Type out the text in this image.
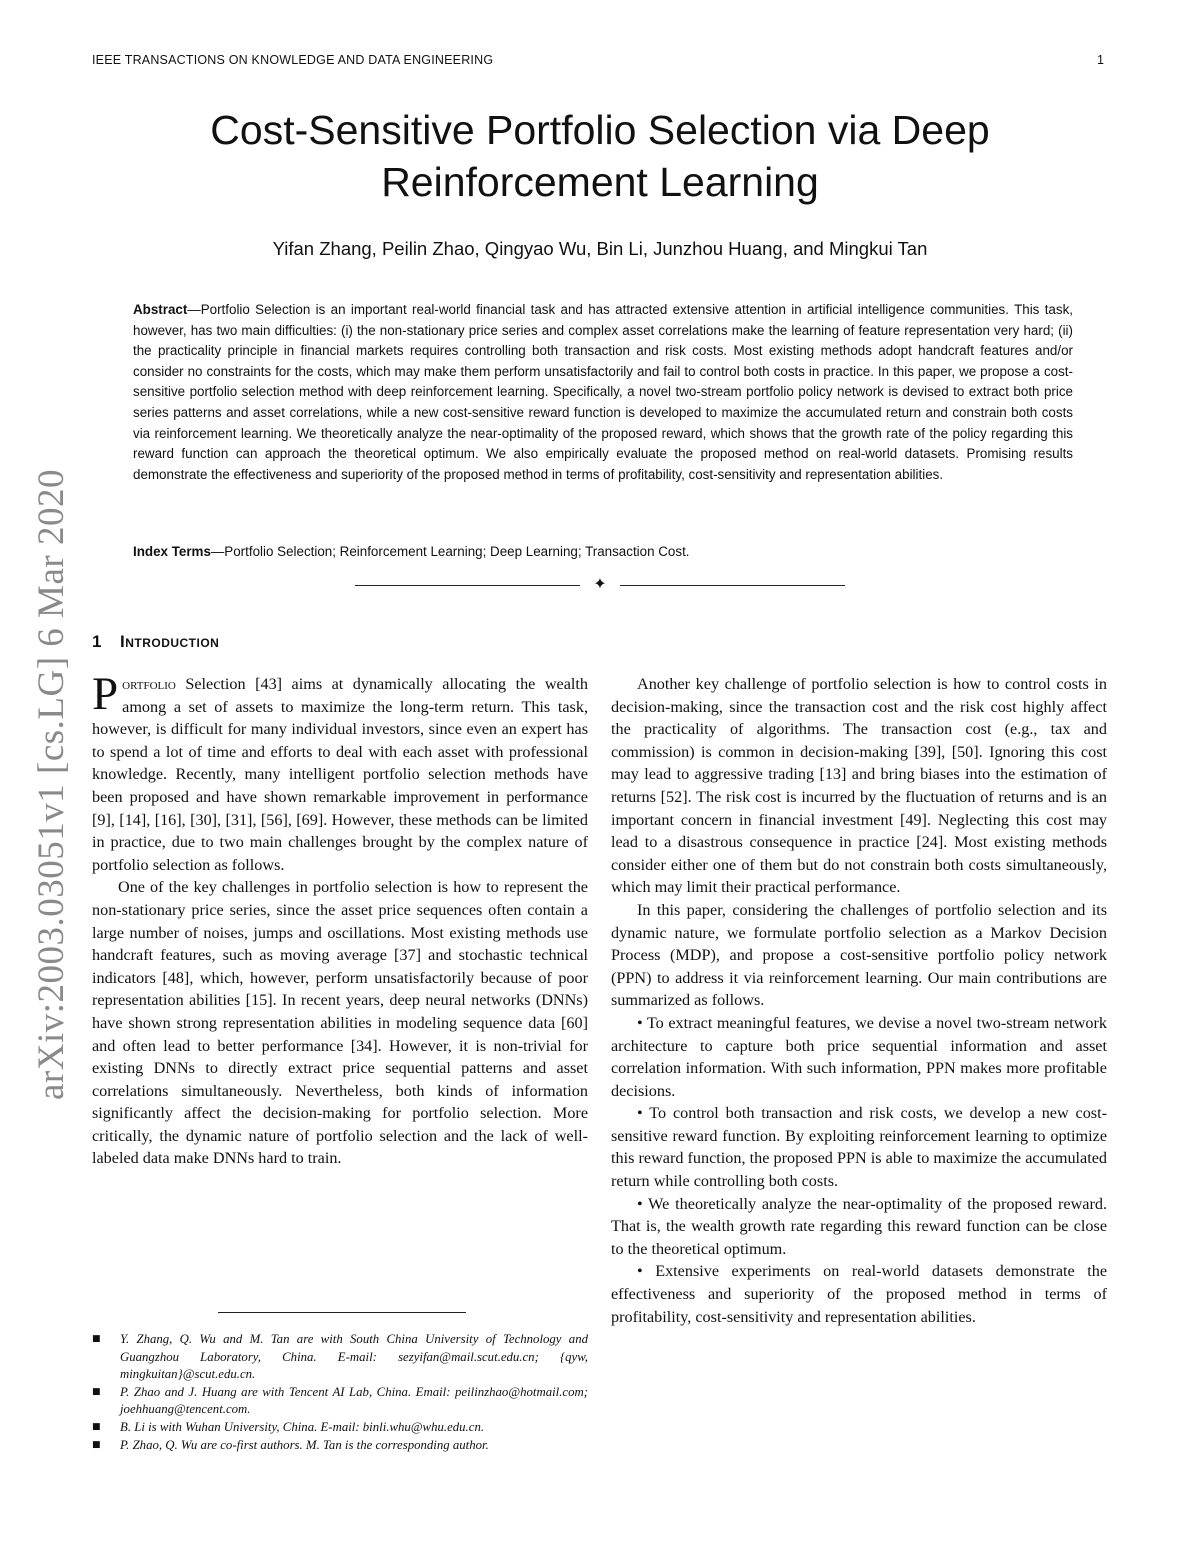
IEEE TRANSACTIONS ON KNOWLEDGE AND DATA ENGINEERING	1
arXiv:2003.03051v1 [cs.LG] 6 Mar 2020
Cost-Sensitive Portfolio Selection via Deep
Reinforcement Learning
Yifan Zhang, Peilin Zhao, Qingyao Wu, Bin Li, Junzhou Huang, and Mingkui Tan
Abstract—Portfolio Selection is an important real-world financial task and has attracted extensive attention in artificial intelligence communities. This task, however, has two main difficulties: (i) the non-stationary price series and complex asset correlations make the learning of feature representation very hard; (ii) the practicality principle in financial markets requires controlling both transaction and risk costs. Most existing methods adopt handcraft features and/or consider no constraints for the costs, which may make them perform unsatisfactorily and fail to control both costs in practice. In this paper, we propose a cost-sensitive portfolio selection method with deep reinforcement learning. Specifically, a novel two-stream portfolio policy network is devised to extract both price series patterns and asset correlations, while a new cost-sensitive reward function is developed to maximize the accumulated return and constrain both costs via reinforcement learning. We theoretically analyze the near-optimality of the proposed reward, which shows that the growth rate of the policy regarding this reward function can approach the theoretical optimum. We also empirically evaluate the proposed method on real-world datasets. Promising results demonstrate the effectiveness and superiority of the proposed method in terms of profitability, cost-sensitivity and representation abilities.
Index Terms—Portfolio Selection; Reinforcement Learning; Deep Learning; Transaction Cost.
✦
1 Introduction

Portfolio Selection [43] aims at dynamically allocating the wealth among a set of assets to maximize the long-term return. This task, however, is difficult for many individual investors, since even an expert has to spend a lot of time and efforts to deal with each asset with professional knowledge. Recently, many intelligent portfolio selection methods have been proposed and have shown remarkable improvement in performance [9], [14], [16], [30], [31], [56], [69]. However, these methods can be limited in practice, due to two main challenges brought by the complex nature of portfolio selection as follows.

One of the key challenges in portfolio selection is how to represent the non-stationary price series, since the asset price sequences often contain a large number of noises, jumps and oscillations. Most existing methods use handcraft features, such as moving average [37] and stochastic technical indicators [48], which, however, perform unsatisfactorily because of poor representation abilities [15]. In recent years, deep neural networks (DNNs) have shown strong representation abilities in modeling sequence data [60] and often lead to better performance [34]. However, it is non-trivial for existing DNNs to directly extract price sequential patterns and asset correlations simultaneously. Nevertheless, both kinds of information significantly affect the decision-making for portfolio selection. More critically, the dynamic nature of portfolio selection and the lack of well-labeled data make DNNs hard to train.

■ Y. Zhang, Q. Wu and M. Tan are with South China University of Technology and Guangzhou Laboratory, China. E-mail: sezyifan@mail.scut.edu.cn; {qyw, mingkuitan}@scut.edu.cn.
■ P. Zhao and J. Huang are with Tencent AI Lab, China. Email: peilinzhao@hotmail.com; joehhuang@tencent.com.
■ B. Li is with Wuhan University, China. E-mail: binli.whu@whu.edu.cn.
■ P. Zhao, Q. Wu are co-first authors. M. Tan is the corresponding author.

Another key challenge of portfolio selection is how to control costs in decision-making, since the transaction cost and the risk cost highly affect the practicality of algorithms. The transaction cost (e.g., tax and commission) is common in decision-making [39], [50]. Ignoring this cost may lead to aggressive trading [13] and bring biases into the estimation of returns [52]. The risk cost is incurred by the fluctuation of returns and is an important concern in financial investment [49]. Neglecting this cost may lead to a disastrous consequence in practice [24]. Most existing methods consider either one of them but do not constrain both costs simultaneously, which may limit their practical performance.

In this paper, considering the challenges of portfolio selection and its dynamic nature, we formulate portfolio selection as a Markov Decision Process (MDP), and propose a cost-sensitive portfolio policy network (PPN) to address it via reinforcement learning. Our main contributions are summarized as follows.

• To extract meaningful features, we devise a novel two-stream network architecture to capture both price sequential information and asset correlation information. With such information, PPN makes more profitable decisions.

• To control both transaction and risk costs, we develop a new cost-sensitive reward function. By exploiting reinforcement learning to optimize this reward function, the proposed PPN is able to maximize the accumulated return while controlling both costs.

• We theoretically analyze the near-optimality of the proposed reward. That is, the wealth growth rate regarding this reward function can be close to the theoretical optimum.

• Extensive experiments on real-world datasets demonstrate the effectiveness and superiority of the proposed method in terms of profitability, cost-sensitivity and representation abilities.
